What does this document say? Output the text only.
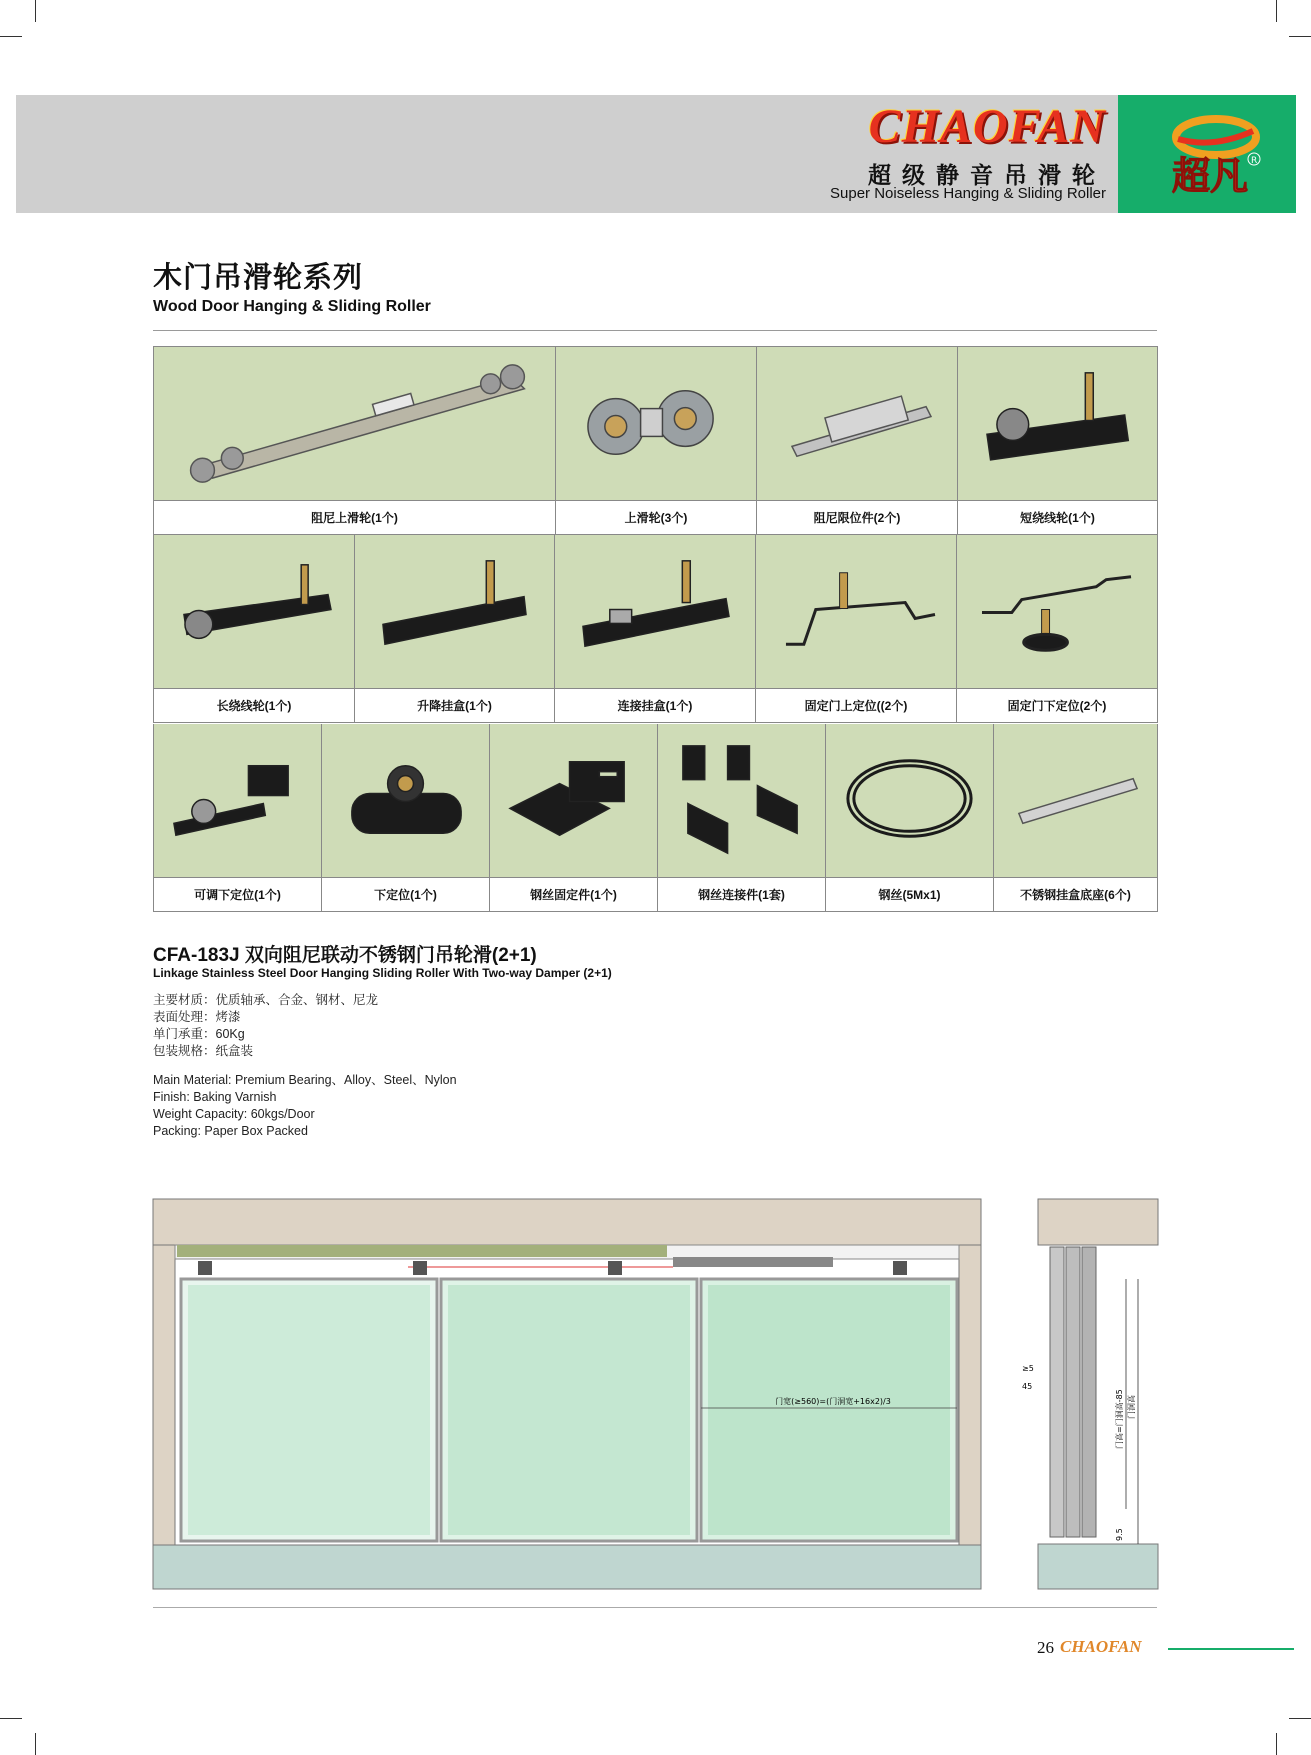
CHAOFAN
超级静音吊滑轮
Super Noiseless Hanging & Sliding Roller 超凡 R
木门吊滑轮系列
Wood Door Hanging & Sliding Roller
阻尼上滑轮(1个)	上滑轮(3个)	阻尼限位件(2个)	短绕线轮(1个)
长绕线轮(1个)	升降挂盒(1个)	连接挂盒(1个)	固定门上定位((2个)	固定门下定位(2个)
可调下定位(1个)	下定位(1个)	钢丝固定件(1个)	钢丝连接件(1套)	钢丝(5Mx1)	不锈钢挂盒底座(6个)
CFA-183J 双向阻尼联动不锈钢门吊轮滑(2+1)
Linkage Stainless Steel Door Hanging Sliding Roller With Two-way Damper (2+1)
主要材质：优质轴承、合金、钢材、尼龙
表面处理：烤漆
单门承重：60Kg
包装规格：纸盒装
Main Material: Premium Bearing、Alloy、Steel、Nylon
Finish: Baking Varnish
Weight Capacity: 60kgs/Door
Packing: Paper Box Packed
门宽(≥560)=(门洞宽+16x2)/3
≥5
45
门高=门洞高-85 门洞高
9.5
26 CHAOFAN
